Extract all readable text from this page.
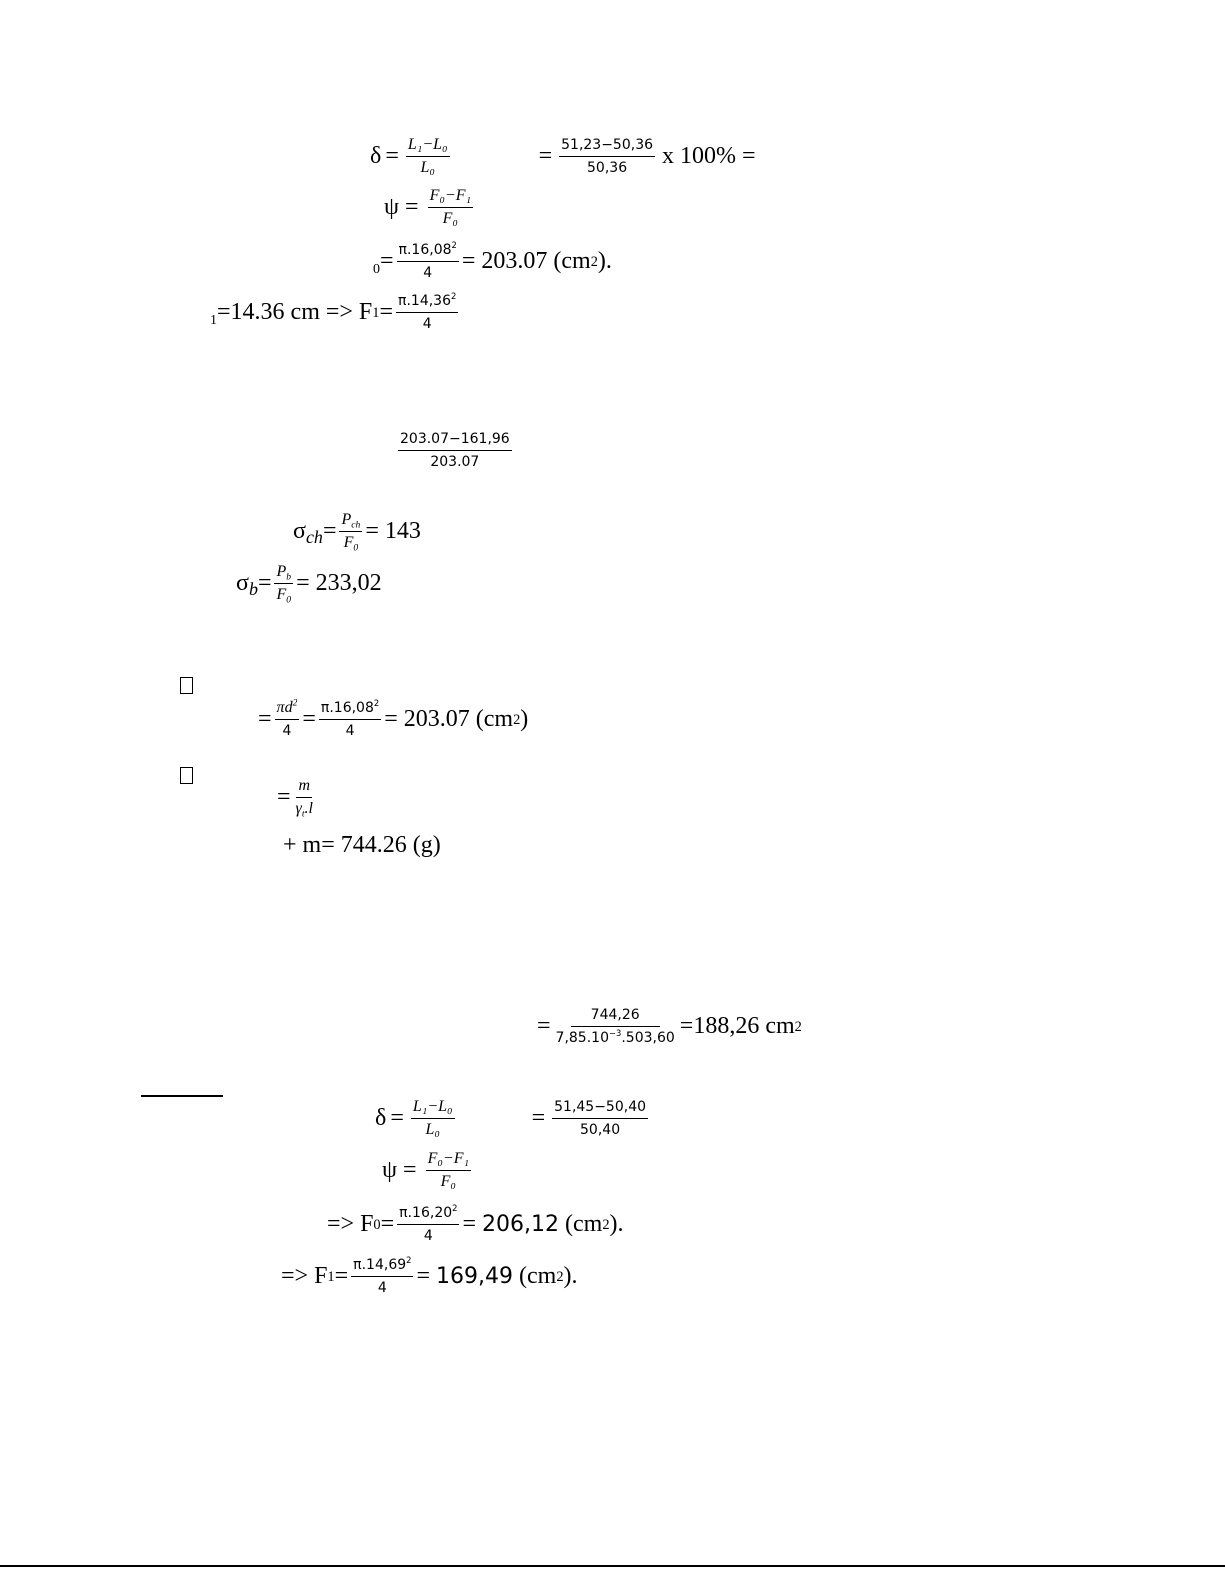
$\delta = \frac{\text{L₁−L₀}}{\text{L₀}}$	= $\frac{51,23-50,36}{50,36}$ x 100% =
$\psi = \frac{\text{F₀−F₁}}{\text{F₀}}$
$0 = \frac{\pi.16,08^2}{4} = 203.07$ (cm 2 ).
1 =14.36 cm => F $1 = \frac{\pi.14,36^2}{4}$
$\frac{203.07-161,96}{203.07}$
σ ch = $\frac{P_{ch}}{F_0} = 143$
σ $b = \frac{P_b}{F_0} = 233,02$
= $\frac{\pi d^2}{4} = \frac{\pi.16,08^2}{4} = 203.07$ (cm 2 )
= $\frac{m}{\gamma_t.l}$
+ m= 744.26 (g)
= $\frac{744,26}{7,85.10^{-3}.503,60} =188,26$ cm 2
$\delta = \frac{\text{L₁−L₀}}{\text{L₀}}$	= $\frac{51,45-50,40}{50,40}$
$\psi = \frac{\text{F₀−F₁}}{\text{F₀}}$
=> F $0 = \frac{\pi.16,20^2}{4} = 206,12$ (cm 2 ).
=> F $1 = \frac{\pi.14,69^2}{4} = 169,49$ (cm 2 ).
